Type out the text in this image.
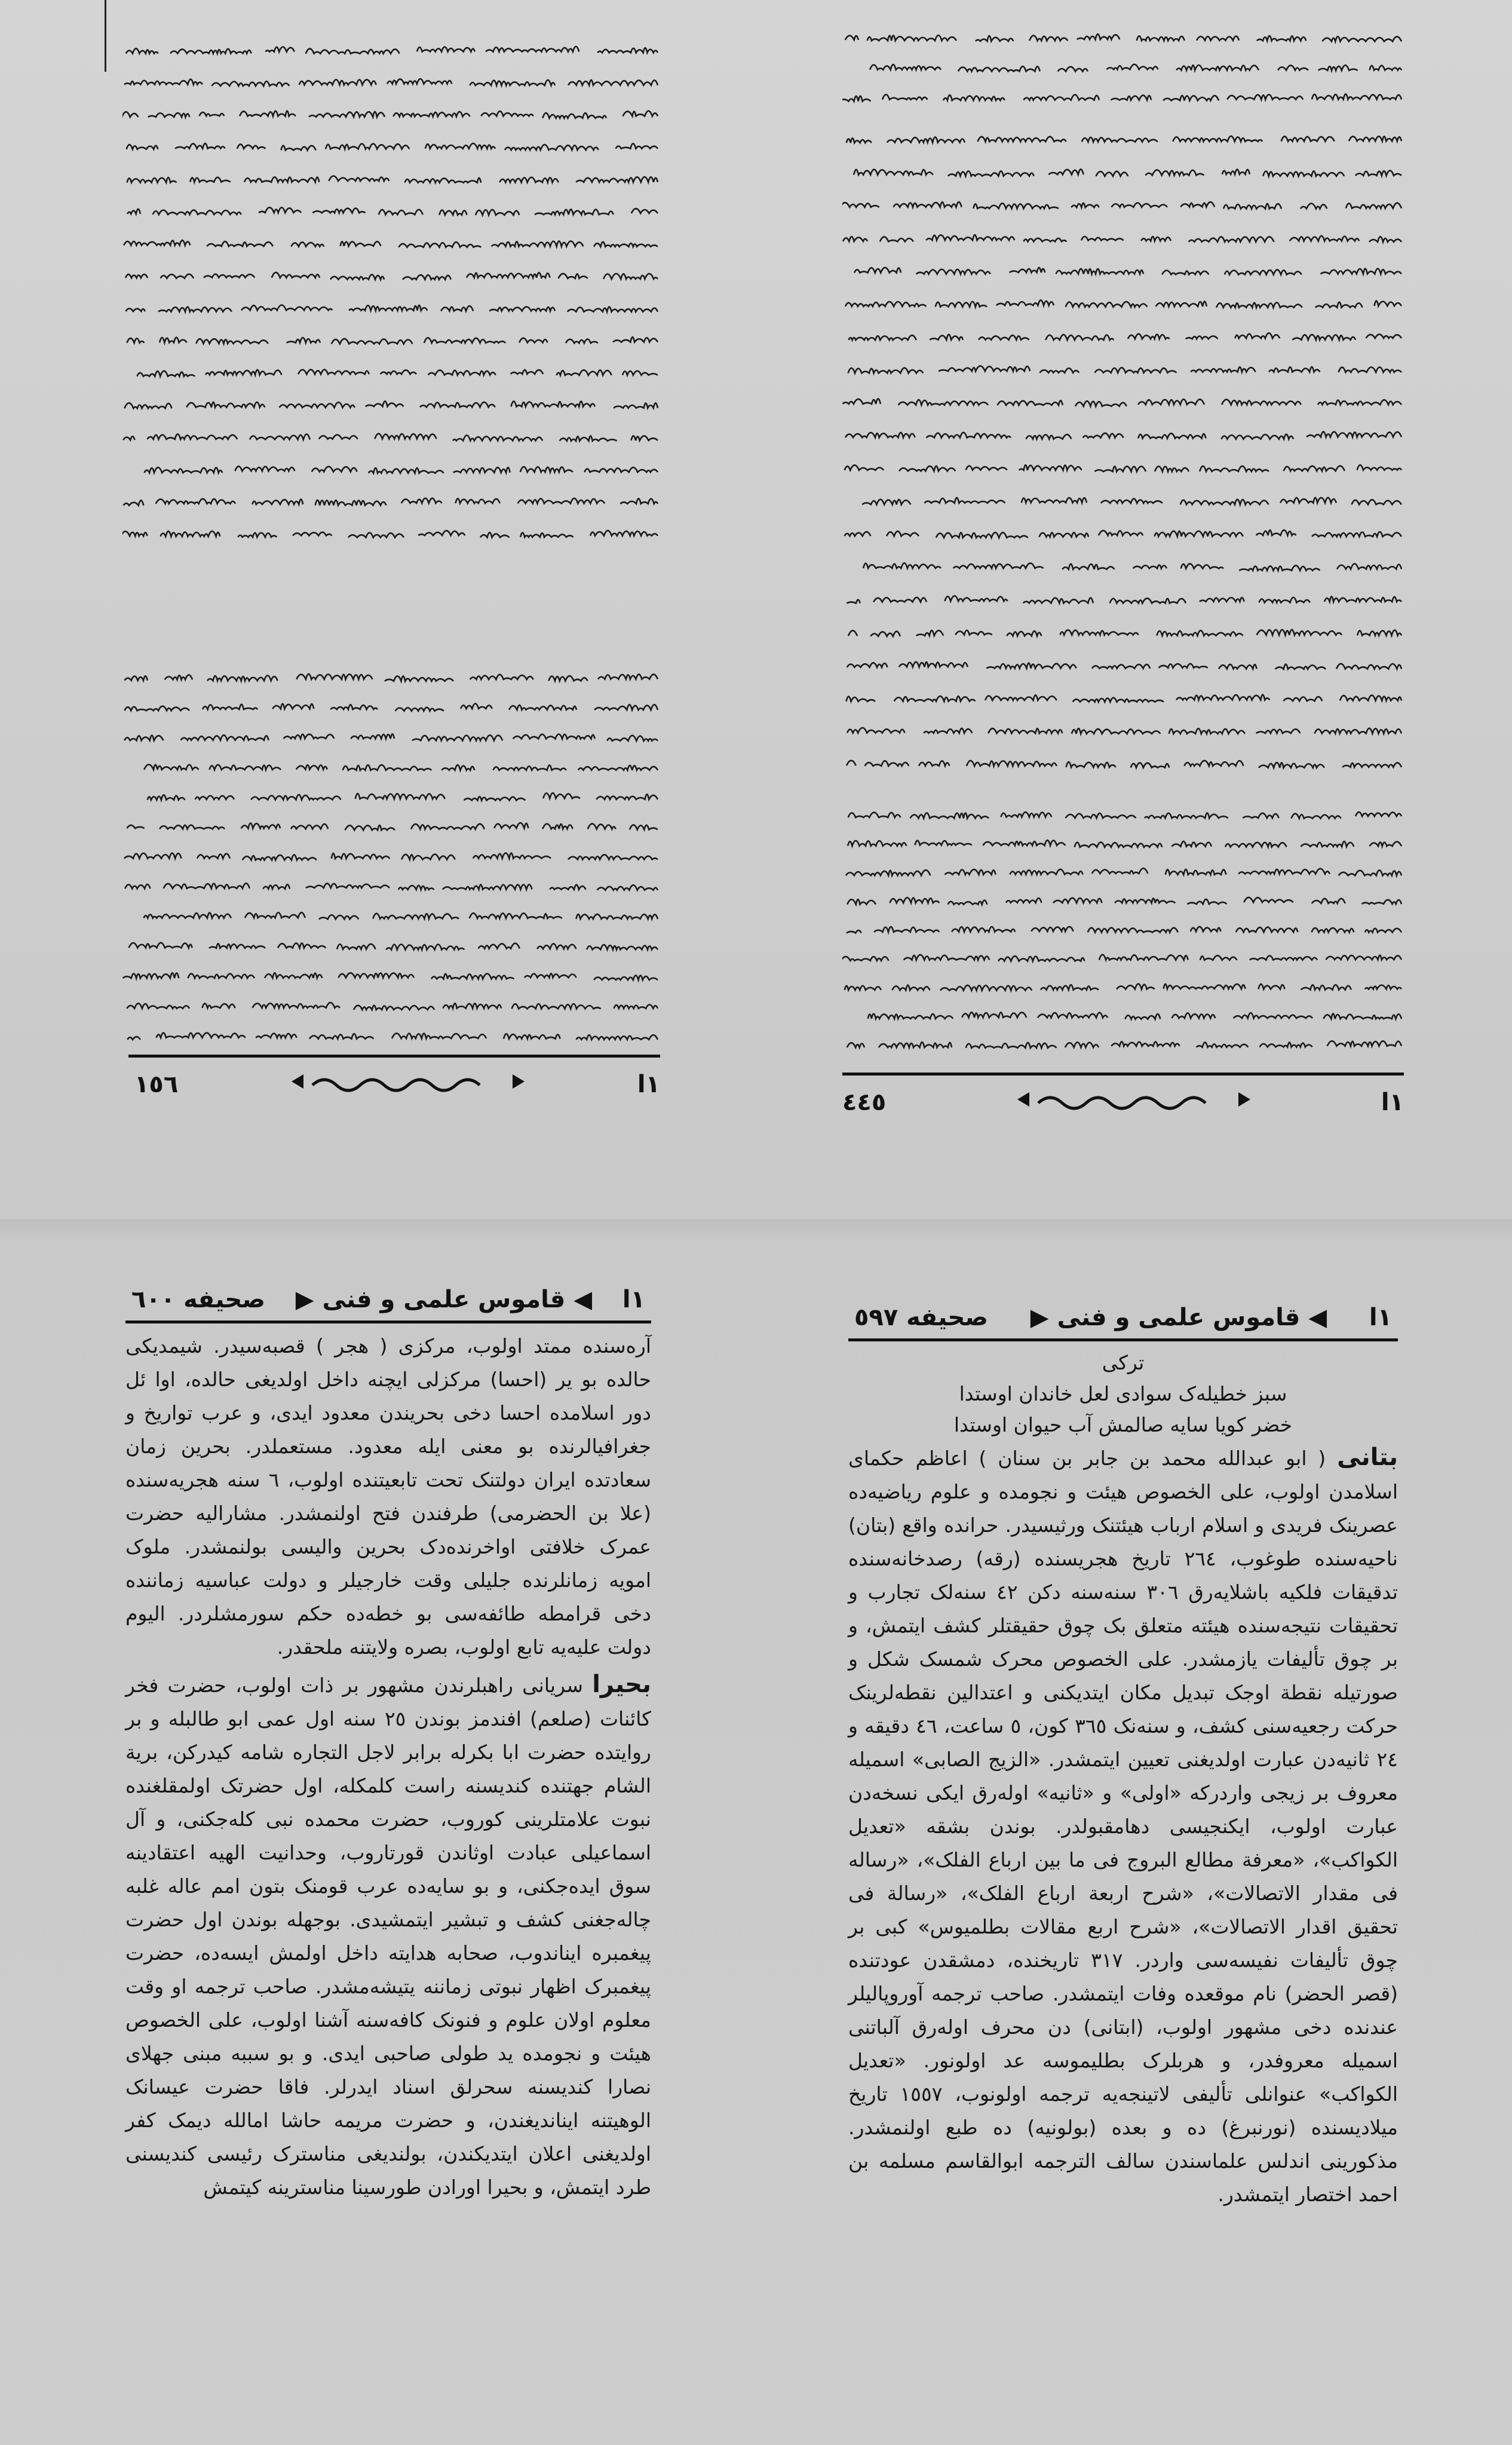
١ا
١٥٦
١ا
٤٤٥
١ا
◀
قاموس علمی و فنی
▶
صحیفه ٦٠٠

آرەسندە ممتد اولوب، مرکزی ( هجر ) قصبەسیدر. شیمدیکی حالدە بو یر (احسا) مرکزلی ایچنە داخل اولدیغی حالدە، اوا ئل دور اسلامدە احسا دخی بحریندن معدود ایدی، و عرب تواریخ و جغرافیالرندە بو معنی ایلە معدود. مستعملدر. بحرین زمان سعادتدە ایران دولتنک تحت تابعیتندە اولوب، ٦ سنە هجریەسندە (علا بن الحضرمی) طرفندن فتح اولنمشدر. مشارالیە حضرت عمرک خلافتی اواخرندەدک بحرین والیسی بولنمشدر. ملوک امویە زمانلرندە جلیلی وقت خارجیلر و دولت عباسیە زمانندە دخی قرامطە طائفەسی بو خطەدە حکم سورمشلردر. الیوم دولت علیەیە تابع اولوب، بصرە ولایتنە ملحقدر.

بحیرا سریانی راهبلرندن مشهور بر ذات اولوب، حضرت فخر کائنات (صلعم) افندمز بوندن ٢٥ سنە اول عمی ابو طالبلە و بر روایتدە حضرت ابا بکرلە برابر لاجل التجارە شامە کیدرکن، بریة الشام جهتندە کندیسنە راست کلمکلە، اول حضرتک اولمقلغندە نبوت علامتلرینی کوروب، حضرت محمدە نبی کلەجکنی، و آل اسماعیلی عبادت اوثاندن قورتاروب، وحدانیت الهیە اعتقادینە سوق ایدەجکنی، و بو سایەدە عرب قومنک بتون امم عالە غلبە چالەجغنی کشف و تبشیر ایتمشیدی. بوجهلە بوندن اول حضرت پیغمبرە ایناندوب، صحابە هدایتە داخل اولمش ایسەدە، حضرت پیغمبرک اظهار نبوتی زماننە یتیشەمشدر. صاحب ترجمە او وقت معلوم اولان علوم و فنونک کافەسنە آشنا اولوب، علی الخصوص هیئت و نجومدە ید طولی صاحبی ایدی. و بو سببە مبنی جهلای نصارا کندیسنە سحرلق اسناد ایدرلر. فاقا حضرت عیسانک الوهیتنە ایناندیغندن، و حضرت مریمە حاشا امالله دیمک کفر اولدیغنی اعلان ایتدیکندن، بولندیغی مناسترک رئیسی کندیسنی طرد ایتمش، و بحیرا اورادن طورسینا مناسترینە کیتمش

١ا
◀
قاموس علمی و فنی
▶
صحیفه ٥٩٧
ترکی
سبز خطیلەک سوادی لعل خاندان اوستدا
خضر کویا سایە صالمش آب حیوان اوستدا

بتانی ( ابو عبدالله محمد بن جابر بن سنان ) اعاظم حکمای اسلامدن اولوب، علی الخصوص هیئت و نجومدە و علوم ریاضیەدە عصرینک فریدی و اسلام ارباب هیئتنک ورثیسیدر. حراندە واقع (بتان) ناحیەسندە طوغوب، ٢٦٤ تاریخ هجریسندە (رقە) رصدخانەسندە تدقیقات فلکیە باشلایەرق ٣٠٦ سنەسنە دکن ٤٢ سنەلک تجارب و تحقیقات نتیجەسندە هیئتە متعلق بک چوق حقیقتلر کشف ایتمش، و بر چوق تألیفات یازمشدر. علی الخصوص محرک شمسک شکل و صورتیلە نقطة اوجک تبدیل مکان ایتدیکنی و اعتدالین نقطەلرینک حرکت رجعیەسنی کشف، و سنەنک ٣٦٥ کون، ٥ ساعت، ٤٦ دقیقە و ٢٤ ثانیەدن عبارت اولدیغنی تعیین ایتمشدر. «الزیج الصابی» اسمیلە معروف بر زیجی واردرکە «اولی» و «ثانیە» اولەرق ایکی نسخەدن عبارت اولوب، ایکنجیسی دهامقبولدر. بوندن بشقە «تعدیل الکواکب»، «معرفة مطالع البروج فی ما بین ارباع الفلک»، «رسالە فی مقدار الاتصالات»، «شرح اربعة ارباع الفلک»، «رسالة فی تحقیق اقدار الاتصالات»، «شرح اربع مقالات بطلمیوس» کبی بر چوق تألیفات نفیسەسی واردر. ٣١٧ تاریخندە، دمشقدن عودتندە (قصر الحضر) نام موقعدە وفات ایتمشدر. صاحب ترجمە آوروپالیلر عندندە دخی مشهور اولوب، (ابتانی) دن محرف اولەرق آلباتنی اسمیلە معروفدر، و هربلرک بطلیموسە عد اولونور. «تعدیل الکواکب» عنوانلی تألیفی لاتینجەیە ترجمە اولونوب، ١٥٥٧ تاریخ میلادیسندە (نورنبرغ) دە و بعدە (بولونیە) دە طبع اولنمشدر. مذکورینی اندلس علماسندن سالف الترجمە ابوالقاسم مسلمە بن احمد اختصار ایتمشدر.
